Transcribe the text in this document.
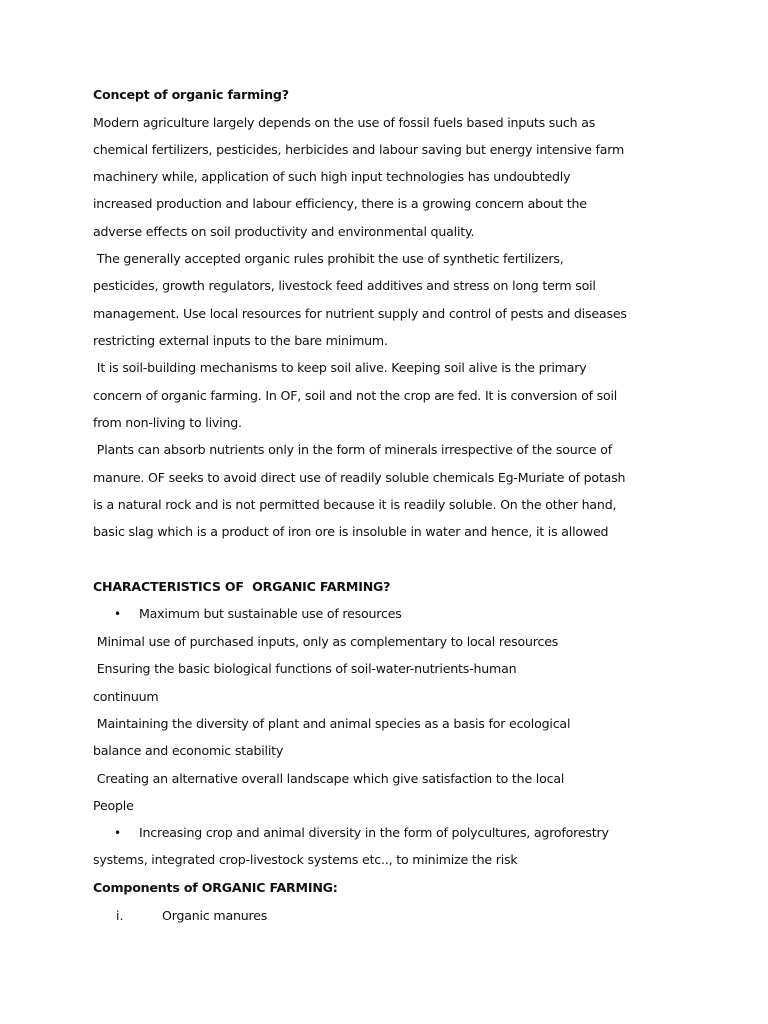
Concept of organic farming?
Modern agriculture largely depends on the use of fossil fuels based inputs such as
chemical fertilizers, pesticides, herbicides and labour saving but energy intensive farm
machinery while, application of such high input technologies has undoubtedly
increased production and labour efficiency, there is a growing concern about the
adverse effects on soil productivity and environmental quality.
The generally accepted organic rules prohibit the use of synthetic fertilizers,
pesticides, growth regulators, livestock feed additives and stress on long term soil
management. Use local resources for nutrient supply and control of pests and diseases
restricting external inputs to the bare minimum.
It is soil-building mechanisms to keep soil alive. Keeping soil alive is the primary
concern of organic farming. In OF, soil and not the crop are fed. It is conversion of soil
from non-living to living.
Plants can absorb nutrients only in the form of minerals irrespective of the source of
manure. OF seeks to avoid direct use of readily soluble chemicals Eg-Muriate of potash
is a natural rock and is not permitted because it is readily soluble. On the other hand,
basic slag which is a product of iron ore is insoluble in water and hence, it is allowed
CHARACTERISTICS OF  ORGANIC FARMING?
• Maximum but sustainable use of resources
Minimal use of purchased inputs, only as complementary to local resources
Ensuring the basic biological functions of soil-water-nutrients-human
continuum
Maintaining the diversity of plant and animal species as a basis for ecological
balance and economic stability
Creating an alternative overall landscape which give satisfaction to the local
People
• Increasing crop and animal diversity in the form of polycultures, agroforestry
systems, integrated crop-livestock systems etc.., to minimize the risk
Components of ORGANIC FARMING:
i.	Organic manures
